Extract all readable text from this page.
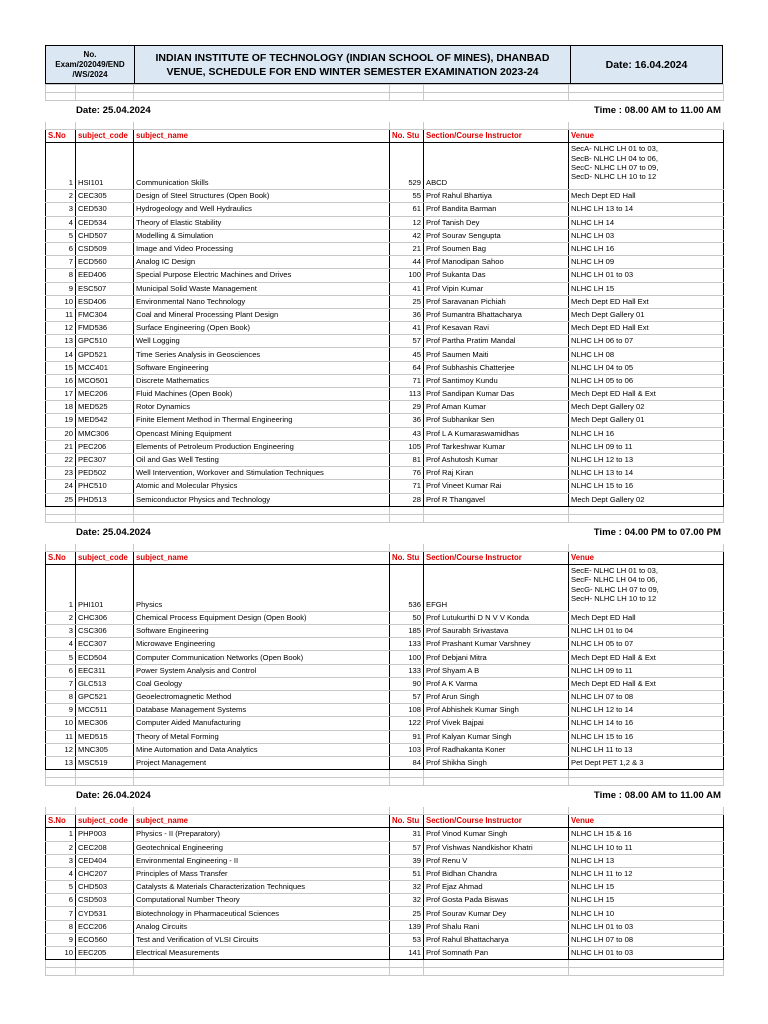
No.
Exam/202049/END
/WS/2024
INDIAN INSTITUTE OF TECHNOLOGY (INDIAN SCHOOL OF MINES), DHANBAD
VENUE, SCHEDULE FOR END WINTER SEMESTER EXAMINATION 2023-24
Date: 16.04.2024

Date: 25.04.2024			Time : 08.00 AM to 11.00 AM		

S.No	subject_code	subject_name	No. Stu	Section/Course Instructor	Venue
1	HSI101	Communication Skills	529	ABCD	SecA- NLHC LH 01 to 03,
SecB- NLHC LH 04 to 06,
SecC- NLHC LH 07 to 09,
SecD- NLHC LH 10 to 12
2	CEC305	Design of Steel Structures (Open Book)	55	Prof Rahul Bhartiya	Mech Dept ED Hall
3	CED530	Hydrogeology and Well Hydraulics	61	Prof Bandita Barman	NLHC LH 13 to 14
4	CED534	Theory of Elastic Stability	12	Prof Tanish Dey	NLHC LH 14
5	CHD507	Modelling & Simulation	42	Prof Sourav Sengupta	NLHC LH 03
6	CSD509	Image and Video Processing	21	Prof Soumen Bag	NLHC LH 16
7	ECD560	Analog IC Design	44	Prof Manodipan Sahoo	NLHC LH 09
8	EED406	Special Purpose Electric Machines and Drives	100	Prof Sukanta Das	NLHC LH 01 to 03
9	ESC507	Municipal Solid Waste Management	41	Prof Vipin Kumar	NLHC LH 15
10	ESD406	Environmental Nano Technology	25	Prof Saravanan Pichiah	Mech Dept ED Hall Ext
11	FMC304	Coal and Mineral Processing Plant Design	36	Prof Sumantra Bhattacharya	Mech Dept Gallery 01
12	FMD536	Surface Engineering (Open Book)	41	Prof Kesavan Ravi	Mech Dept ED Hall Ext
13	GPC510	Well Logging	57	Prof Partha Pratim Mandal	NLHC LH 06 to 07
14	GPD521	Time Series Analysis in Geosciences	45	Prof Saumen Maiti	NLHC LH 08
15	MCC401	Software Engineering	64	Prof Subhashis Chatterjee	NLHC LH 04 to 05
16	MCO501	Discrete Mathematics	71	Prof Santimoy Kundu	NLHC LH 05 to 06
17	MEC206	Fluid Machines (Open Book)	113	Prof Sandipan Kumar Das	Mech Dept ED Hall & Ext
18	MED525	Rotor Dynamics	29	Prof Aman Kumar	Mech Dept Gallery 02
19	MED542	Finite Element Method in Thermal Engineering	36	Prof Subhankar Sen	Mech Dept Gallery 01
20	MMC306	Opencast Mining Equipment	43	Prof L A Kumaraswamidhas	NLHC LH 16
21	PEC206	Elements of Petroleum Production Engineering	105	Prof Tarkeshwar Kumar	NLHC LH 09 to 11
22	PEC307	Oil and Gas Well Testing	81	Prof Ashutosh Kumar	NLHC LH 12 to 13
23	PED502	Well Intervention, Workover and Stimulation Techniques	76	Prof Raj Kiran	NLHC LH 13 to 14
24	PHC510	Atomic and Molecular Physics	71	Prof Vineet Kumar Rai	NLHC LH 15 to 16
25	PHD513	Semiconductor Physics and Technology	28	Prof R Thangavel	Mech Dept Gallery 02

Date: 25.04.2024			Time : 04.00 PM to 07.00 PM		

S.No	subject_code	subject_name	No. Stu	Section/Course Instructor	Venue
1	PHI101	Physics	536	EFGH	SecE- NLHC LH 01 to 03,
SecF- NLHC LH 04 to 06,
SecG- NLHC LH 07 to 09,
SecH- NLHC LH 10 to 12
2	CHC306	Chemical Process Equipment Design (Open Book)	50	Prof Lutukurthi D N V V Konda	Mech Dept ED Hall
3	CSC306	Software Engineering	185	Prof Saurabh Srivastava	NLHC LH 01 to 04
4	ECC307	Microwave Engineering	133	Prof Prashant Kumar Varshney	NLHC LH 05 to 07
5	ECD504	Computer Communication Networks (Open Book)	100	Prof Debjani Mitra	Mech Dept ED Hall & Ext
6	EEC311	Power System Analysis and Control	133	Prof Shyam A B	NLHC LH 09 to 11
7	GLC513	Coal Geology	90	Prof A K Varma	Mech Dept ED Hall & Ext
8	GPC521	Geoelectromagnetic Method	57	Prof Arun Singh	NLHC LH 07 to 08
9	MCC511	Database Management Systems	108	Prof Abhishek Kumar Singh	NLHC LH 12 to 14
10	MEC306	Computer Aided Manufacturing	122	Prof Vivek Bajpai	NLHC LH 14 to 16
11	MED515	Theory of Metal Forming	91	Prof Kalyan Kumar Singh	NLHC LH 15 to 16
12	MNC305	Mine Automation and Data Analytics	103	Prof Radhakanta Koner	NLHC LH 11 to 13
13	MSC519	Project Management	84	Prof Shikha Singh	Pet Dept PET 1,2 & 3

Date: 26.04.2024			Time : 08.00 AM to 11.00 AM		

S.No	subject_code	subject_name	No. Stu	Section/Course Instructor	Venue
1	PHP003	Physics - II (Preparatory)	31	Prof Vinod Kumar Singh	NLHC LH 15 & 16
2	CEC208	Geotechnical Engineering	57	Prof Vishwas Nandkishor Khatri	NLHC LH 10 to 11
3	CED404	Environmental Engineering - II	39	Prof Renu V	NLHC LH 13
4	CHC207	Principles of Mass Transfer	51	Prof Bidhan Chandra	NLHC LH 11 to 12
5	CHD503	Catalysts & Materials Characterization Techniques	32	Prof Ejaz Ahmad	NLHC LH 15
6	CSD503	Computational Number Theory	32	Prof Gosta Pada Biswas	NLHC LH 15
7	CYD531	Biotechnology in Pharmaceutical Sciences	25	Prof Sourav Kumar Dey	NLHC LH 10
8	ECC206	Analog Circuits	139	Prof Shalu Rani	NLHC LH 01 to 03
9	ECO560	Test and Verification of VLSI Circuits	53	Prof Rahul Bhattacharya	NLHC LH 07 to 08
10	EEC205	Electrical Measurements	141	Prof Somnath Pan	NLHC LH 01 to 03
